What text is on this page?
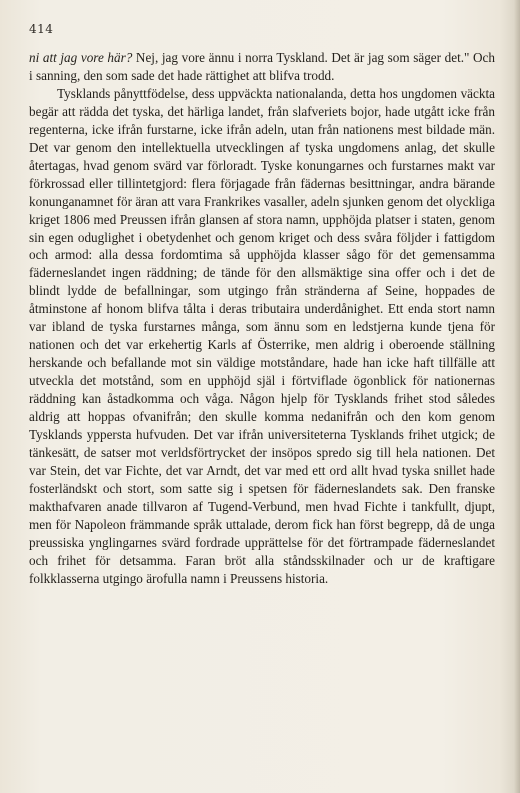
414

ni att jag vore här? Nej, jag vore ännu i norra Tyskland. Det är jag som säger det." Och i sanning, den som sade det hade rättighet att blifva trodd.

Tysklands pånyttfödelse, dess uppväckta nationalanda, detta hos ungdomen väckta begär att rädda det tyska, det härliga landet, från slafveriets bojor, hade utgått icke från regenterna, icke ifrån furstarne, icke ifrån adeln, utan från nationens mest bildade män. Det var genom den intellektuella utvecklingen af tyska ungdomens anlag, det skulle återtagas, hvad genom svärd var förloradt. Tyske konungarnes och furstarnes makt var förkrossad eller tillintetgjord: flera förjagade från fädernas besittningar, andra bärande konunganamnet för äran att vara Frankrikes vasaller, adeln sjunken genom det olyckliga kriget 1806 med Preussen ifrån glansen af stora namn, upphöjda platser i staten, genom sin egen oduglighet i obetydenhet och genom kriget och dess svåra följder i fattigdom och armod: alla dessa fordomtima så upphöjda klasser sågo för det gemensamma fäderneslandet ingen räddning; de tände för den allsmäktige sina offer och i det de blindt lydde de befallningar, som utgingo från stränderna af Seine, hoppades de åtminstone af honom blifva tålta i deras tributaira underdånighet. Ett enda stort namn var ibland de tyska furstarnes många, som ännu som en ledstjerna kunde tjena för nationen och det var erkehertig Karls af Österrike, men aldrig i oberoende ställning herskande och befallande mot sin väldige motståndare, hade han icke haft tillfälle att utveckla det motstånd, som en upphöjd själ i förtviflade ögonblick för nationernas räddning kan åstadkomma och våga. Någon hjelp för Tysklands frihet stod således aldrig att hoppas ofvanifrån; den skulle komma nedanifrån och den kom genom Tysklands yppersta hufvuden. Det var ifrån universiteterna Tysklands frihet utgick; de tänkesätt, de satser mot verldsförtrycket der insöpos spredo sig till hela nationen. Det var Stein, det var Fichte, det var Arndt, det var med ett ord allt hvad tyska snillet hade fosterländskt och stort, som satte sig i spetsen för fäderneslandets sak. Den franske makthafvaren anade tillvaron af Tugend-Verbund, men hvad Fichte i tankfullt, djupt, men för Napoleon främmande språk uttalade, derom fick han först begrepp, då de unga preussiska ynglingarnes svärd fordrade upprättelse för det förtrampade fäderneslandet och frihet för detsamma. Faran bröt alla ståndsskilnader och ur de kraftigare folkklasserna utgingo ärofulla namn i Preussens historia.
